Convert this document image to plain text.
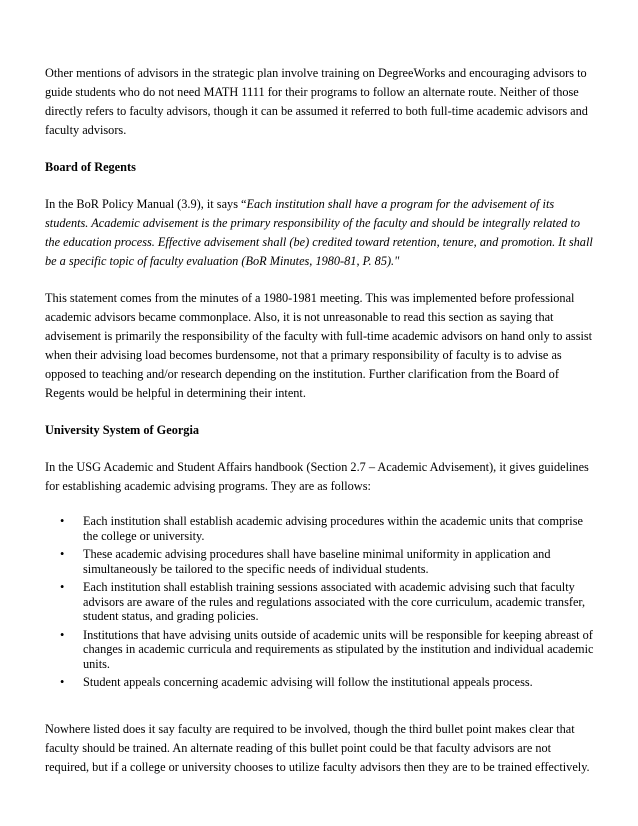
Other mentions of advisors in the strategic plan involve training on DegreeWorks and encouraging advisors to guide students who do not need MATH 1111 for their programs to follow an alternate route. Neither of those directly refers to faculty advisors, though it can be assumed it referred to both full-time academic advisors and faculty advisors.

Board of Regents

In the BoR Policy Manual (3.9), it says “Each institution shall have a program for the advisement of its students. Academic advisement is the primary responsibility of the faculty and should be integrally related to the education process. Effective advisement shall (be) credited toward retention, tenure, and promotion. It shall be a specific topic of faculty evaluation (BoR Minutes, 1980-81, P. 85)."

This statement comes from the minutes of a 1980-1981 meeting. This was implemented before professional academic advisors became commonplace. Also, it is not unreasonable to read this section as saying that advisement is primarily the responsibility of the faculty with full-time academic advisors on hand only to assist when their advising load becomes burdensome, not that a primary responsibility of faculty is to advise as opposed to teaching and/or research depending on the institution. Further clarification from the Board of Regents would be helpful in determining their intent.

University System of Georgia

In the USG Academic and Student Affairs handbook (Section 2.7 – Academic Advisement), it gives guidelines for establishing academic advising programs. They are as follows:

• Each institution shall establish academic advising procedures within the academic units that comprise the college or university.
• These academic advising procedures shall have baseline minimal uniformity in application and simultaneously be tailored to the specific needs of individual students.
• Each institution shall establish training sessions associated with academic advising such that faculty advisors are aware of the rules and regulations associated with the core curriculum, academic transfer, student status, and grading policies.
• Institutions that have advising units outside of academic units will be responsible for keeping abreast of changes in academic curricula and requirements as stipulated by the institution and individual academic units.
• Student appeals concerning academic advising will follow the institutional appeals process.

Nowhere listed does it say faculty are required to be involved, though the third bullet point makes clear that faculty should be trained. An alternate reading of this bullet point could be that faculty advisors are not required, but if a college or university chooses to utilize faculty advisors then they are to be trained effectively.
